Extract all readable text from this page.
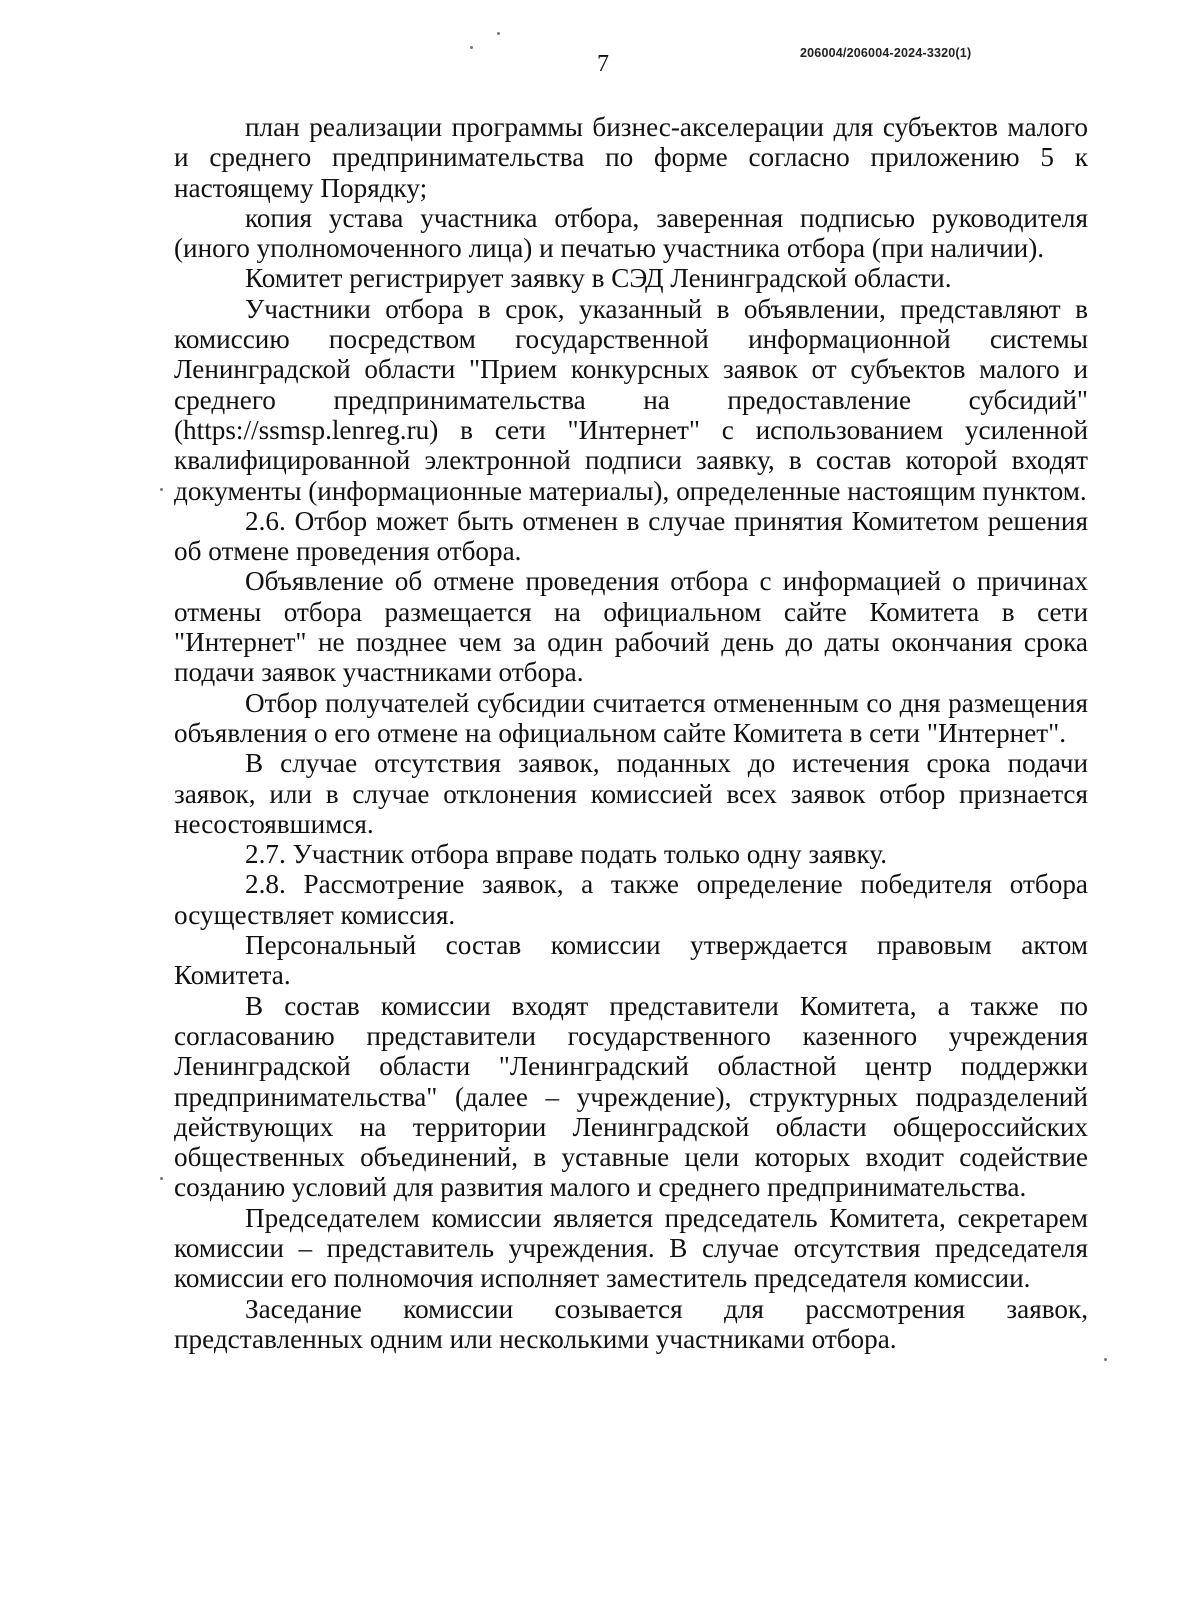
206004/206004-2024-3320(1)
7

план реализации программы бизнес-акселерации для субъектов малого и среднего предпринимательства по форме согласно приложению 5 к настоящему Порядку;

копия устава участника отбора, заверенная подписью руководителя (иного уполномоченного лица) и печатью участника отбора (при наличии).

Комитет регистрирует заявку в СЭД Ленинградской области.

Участники отбора в срок, указанный в объявлении, представляют в комиссию посредством государственной информационной системы Ленинградской области "Прием конкурсных заявок от субъектов малого и среднего предпринимательства на предоставление субсидий" (https://ssmsp.lenreg.ru) в сети "Интернет" с использованием усиленной квалифицированной электронной подписи заявку, в состав которой входят документы (информационные материалы), определенные настоящим пунктом.

2.6. Отбор может быть отменен в случае принятия Комитетом решения об отмене проведения отбора.

Объявление об отмене проведения отбора с информацией о причинах отмены отбора размещается на официальном сайте Комитета в сети "Интернет" не позднее чем за один рабочий день до даты окончания срока подачи заявок участниками отбора.

Отбор получателей субсидии считается отмененным со дня размещения объявления о его отмене на официальном сайте Комитета в сети "Интернет".

В случае отсутствия заявок, поданных до истечения срока подачи заявок, или в случае отклонения комиссией всех заявок отбор признается несостоявшимся.

2.7. Участник отбора вправе подать только одну заявку.

2.8. Рассмотрение заявок, а также определение победителя отбора осуществляет комиссия.

Персональный состав комиссии утверждается правовым актом Комитета.

В состав комиссии входят представители Комитета, а также по согласованию представители государственного казенного учреждения Ленинградской области "Ленинградский областной центр поддержки предпринимательства" (далее – учреждение), структурных подразделений действующих на территории Ленинградской области общероссийских общественных объединений, в уставные цели которых входит содействие созданию условий для развития малого и среднего предпринимательства.

Председателем комиссии является председатель Комитета, секретарем комиссии – представитель учреждения. В случае отсутствия председателя комиссии его полномочия исполняет заместитель председателя комиссии.

Заседание комиссии созывается для рассмотрения заявок, представленных одним или несколькими участниками отбора.
